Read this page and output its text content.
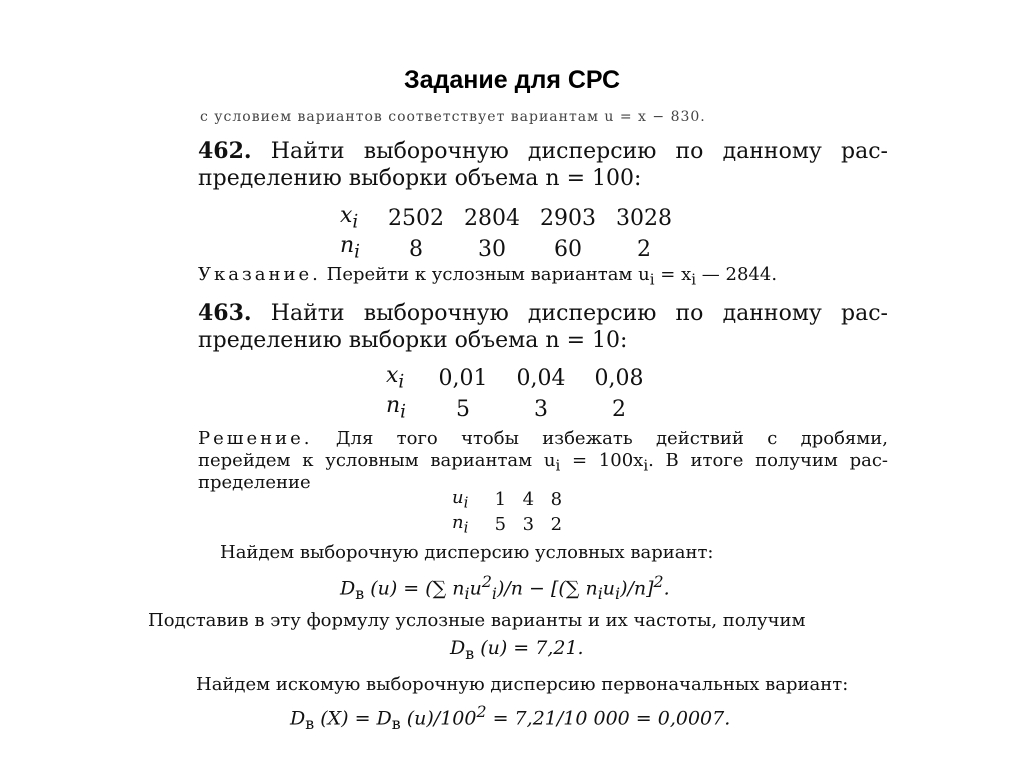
Задание для СРС
с условием вариантов соответствует вариантам u = x − 830.
462. Найти выборочную дисперсию по данному рас-
пределению выборки объема n = 100:
$x_i$	2502	2804	2903	3028
$n_i$	8	30	60	2
Указание. Перейти к услозным вариантам $u_i = x_i$ — 2844.
463. Найти выборочную дисперсию по данному рас-
пределению выборки объема n = 10:
$x_i$	0,01	0,04	0,08
$n_i$	5	3	2
Решение. Для того чтобы избежать действий с дробями,
перейдем к условным вариантам $u_i = 100x_i$. В итоге получим рас-
пределение
$u_i$	1	4	8
$n_i$	5	3	2
Найдем выборочную дисперсию условных вариант:
$D_в$ (u) = (∑ $n_iu^2_i)/n$ − [(∑ $n_iu_i)/n]^2$.
Подставив в эту формулу услозные варианты и их частоты, получим
$D_в$ (u) = 7,21.
Найдем искомую выборочную дисперсию первоначальных вариант:
$D_в$ $(X) = D_в$ $(u)/100^2 = 7,21/10$ 000 = 0,0007.
